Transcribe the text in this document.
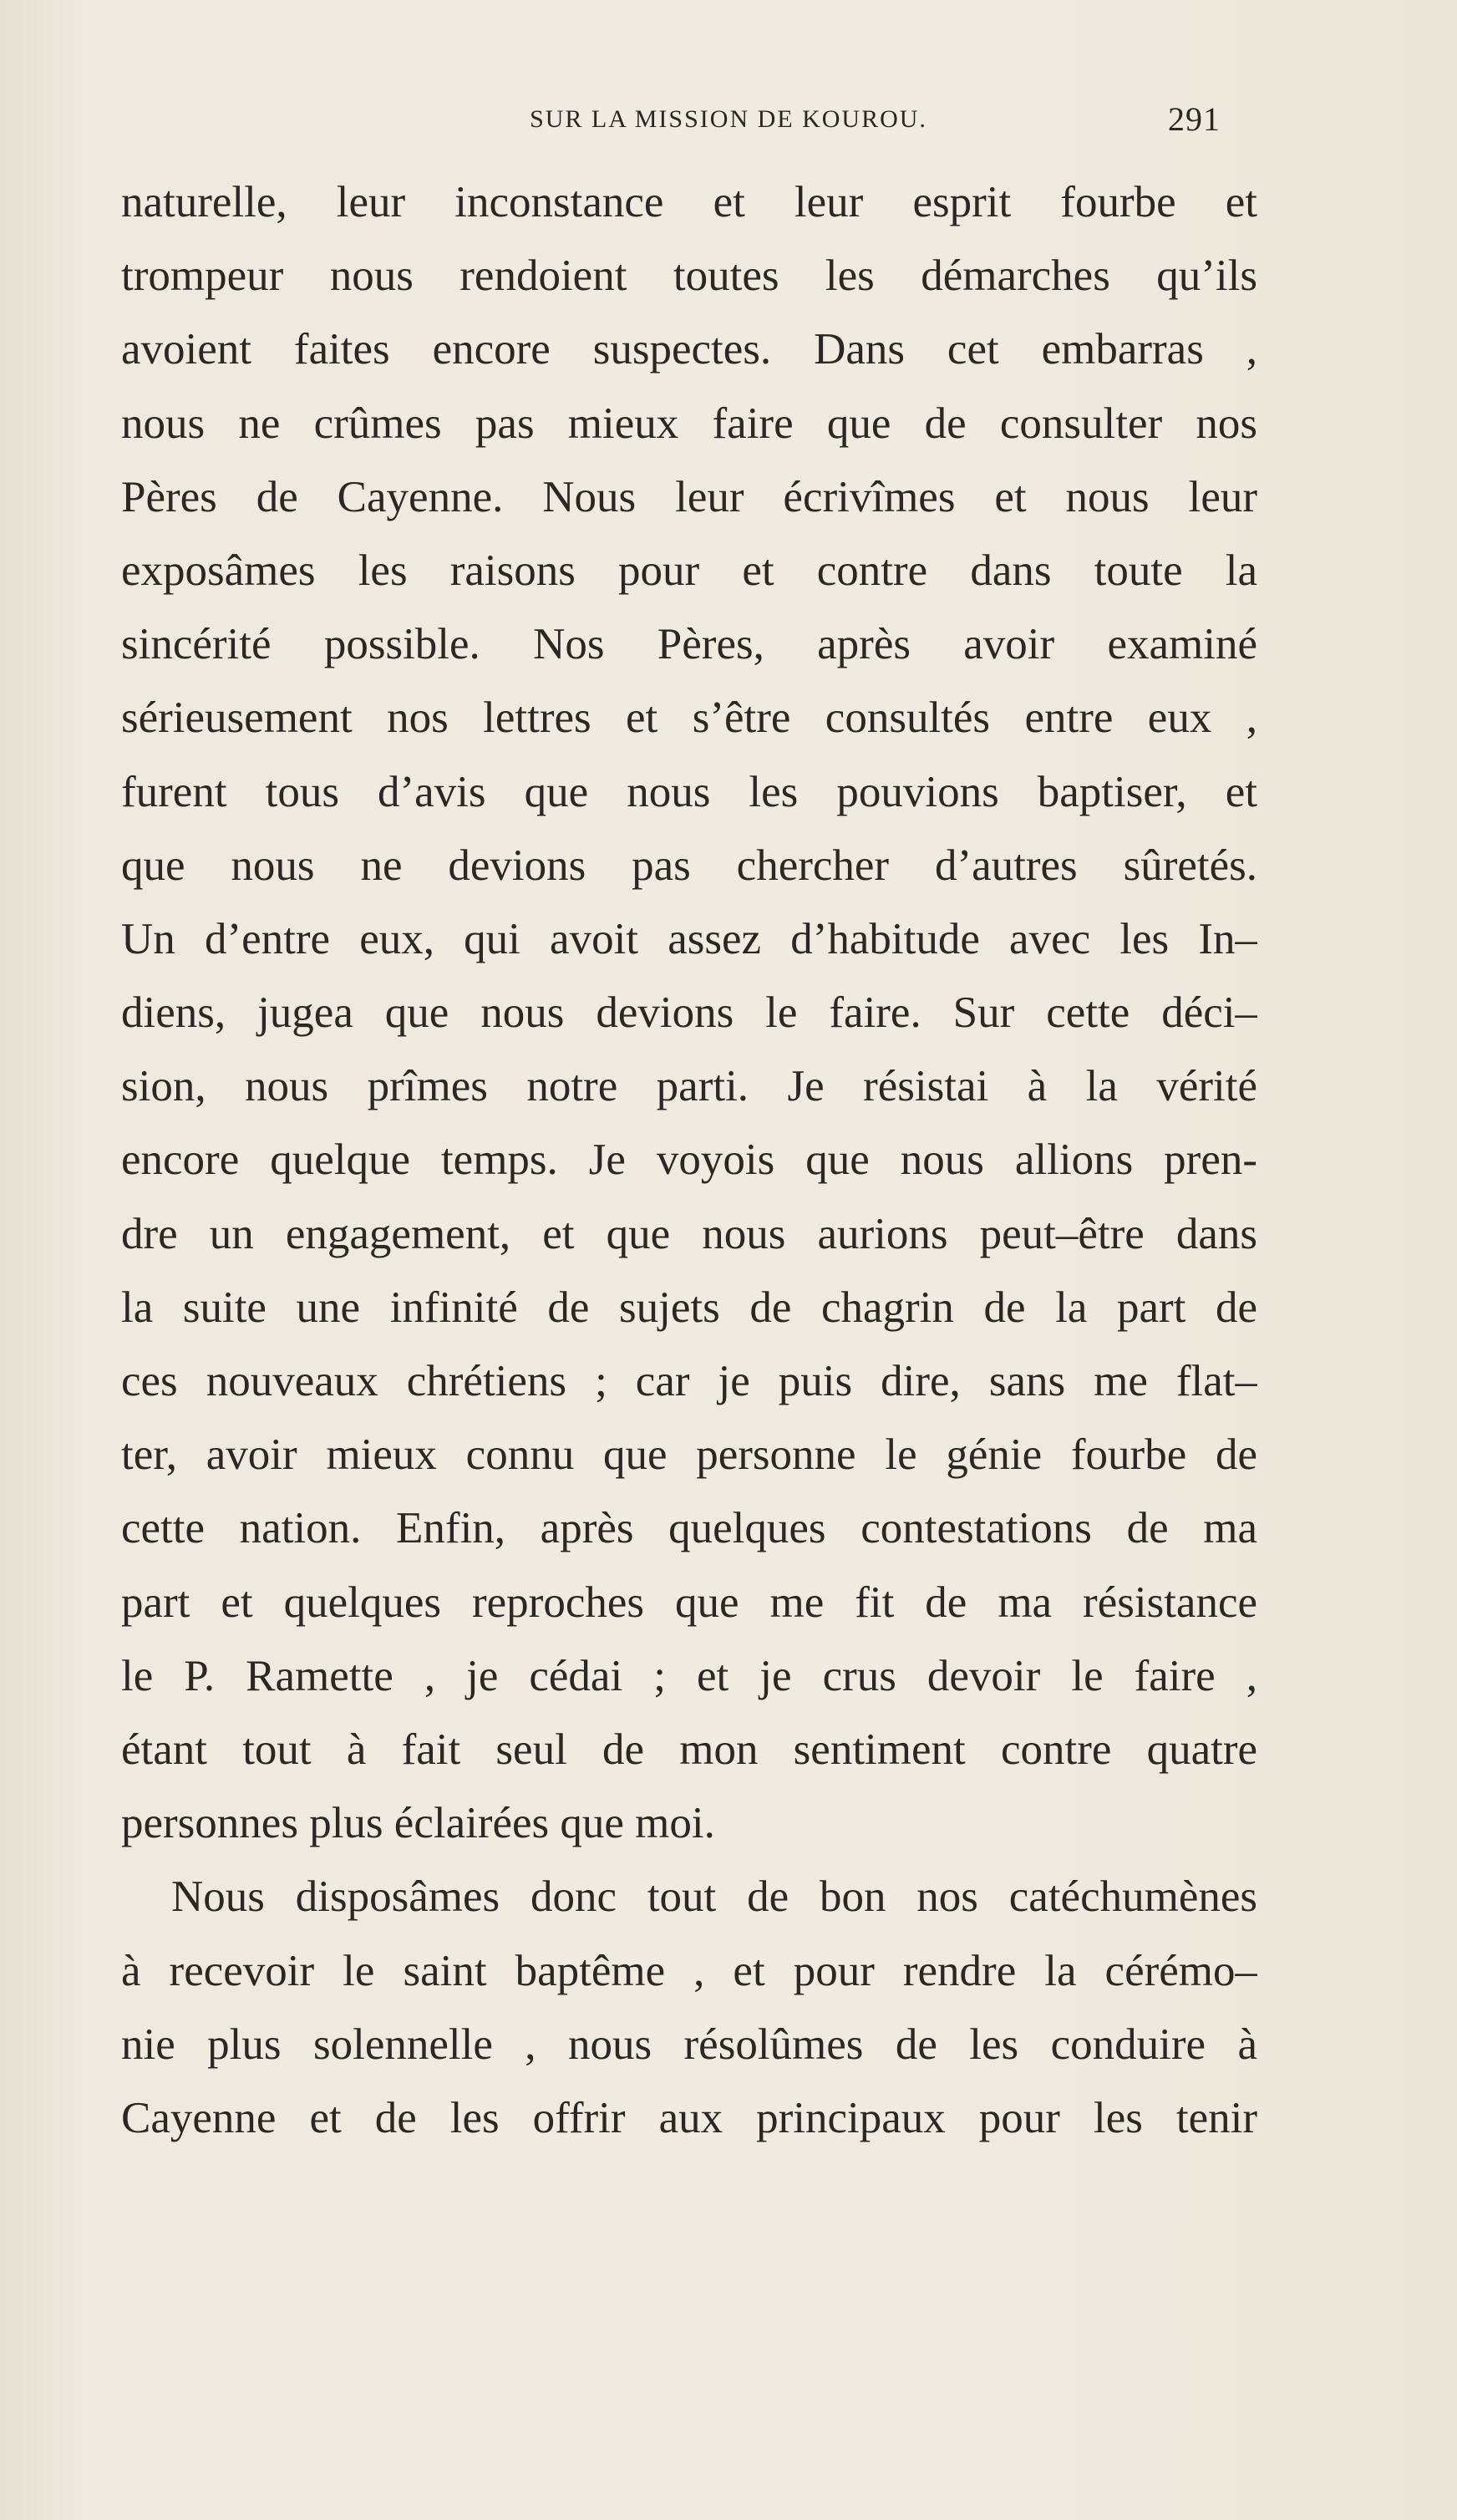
SUR LA MISSION DE KOUROU.	291
naturelle, leur inconstance et leur esprit fourbe et
trompeur nous rendoient toutes les démarches qu’ils
avoient faites encore suspectes. Dans cet embarras ,
nous ne crûmes pas mieux faire que de consulter nos
Pères de Cayenne. Nous leur écrivîmes et nous leur
exposâmes les raisons pour et contre dans toute la
sincérité possible. Nos Pères, après avoir examiné
sérieusement nos lettres et s’être consultés entre eux ,
furent tous d’avis que nous les pouvions baptiser, et
que nous ne devions pas chercher d’autres sûretés.
Un d’entre eux, qui avoit assez d’habitude avec les In–
diens, jugea que nous devions le faire. Sur cette déci–
sion, nous prîmes notre parti. Je résistai à la vérité
encore quelque temps. Je voyois que nous allions pren-
dre un engagement, et que nous aurions peut–être dans
la suite une infinité de sujets de chagrin de la part de
ces nouveaux chrétiens ; car je puis dire, sans me flat–
ter, avoir mieux connu que personne le génie fourbe de
cette nation. Enfin, après quelques contestations de ma
part et quelques reproches que me fit de ma résistance
le P. Ramette , je cédai ; et je crus devoir le faire ,
étant tout à fait seul de mon sentiment contre quatre
personnes plus éclairées que moi.
Nous disposâmes donc tout de bon nos catéchumènes
à recevoir le saint baptême , et pour rendre la cérémo–
nie plus solennelle , nous résolûmes de les conduire à
Cayenne et de les offrir aux principaux pour les tenir
